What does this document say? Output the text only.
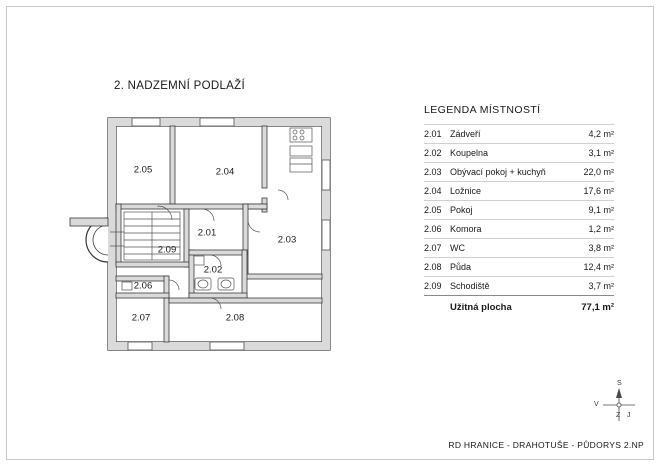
2. NADZEMNÍ PODLAŽÍ
2.05	2.04
2.09
2.01
2.03
2.02
2.06
2.07	2.08
LEGENDA MÍSTNOSTÍ
2.01	Zádveří	4,2 m²
2.02	Koupelna	3,1 m²
2.03	Obývací pokoj + kuchyň	22,0 m²
2.04	Ložnice	17,6 m²
2.05	Pokoj	9,1 m²
2.06	Komora	1,2 m²
2.07	WC	3,8 m²
2.08	Půda	12,4 m²
2.09	Schodiště	3,7 m²
	Užitná plocha	77,1 m²
S
V
J
Z
RD HRANICE - DRAHOTUŠE - PŮDORYS 2.NP
